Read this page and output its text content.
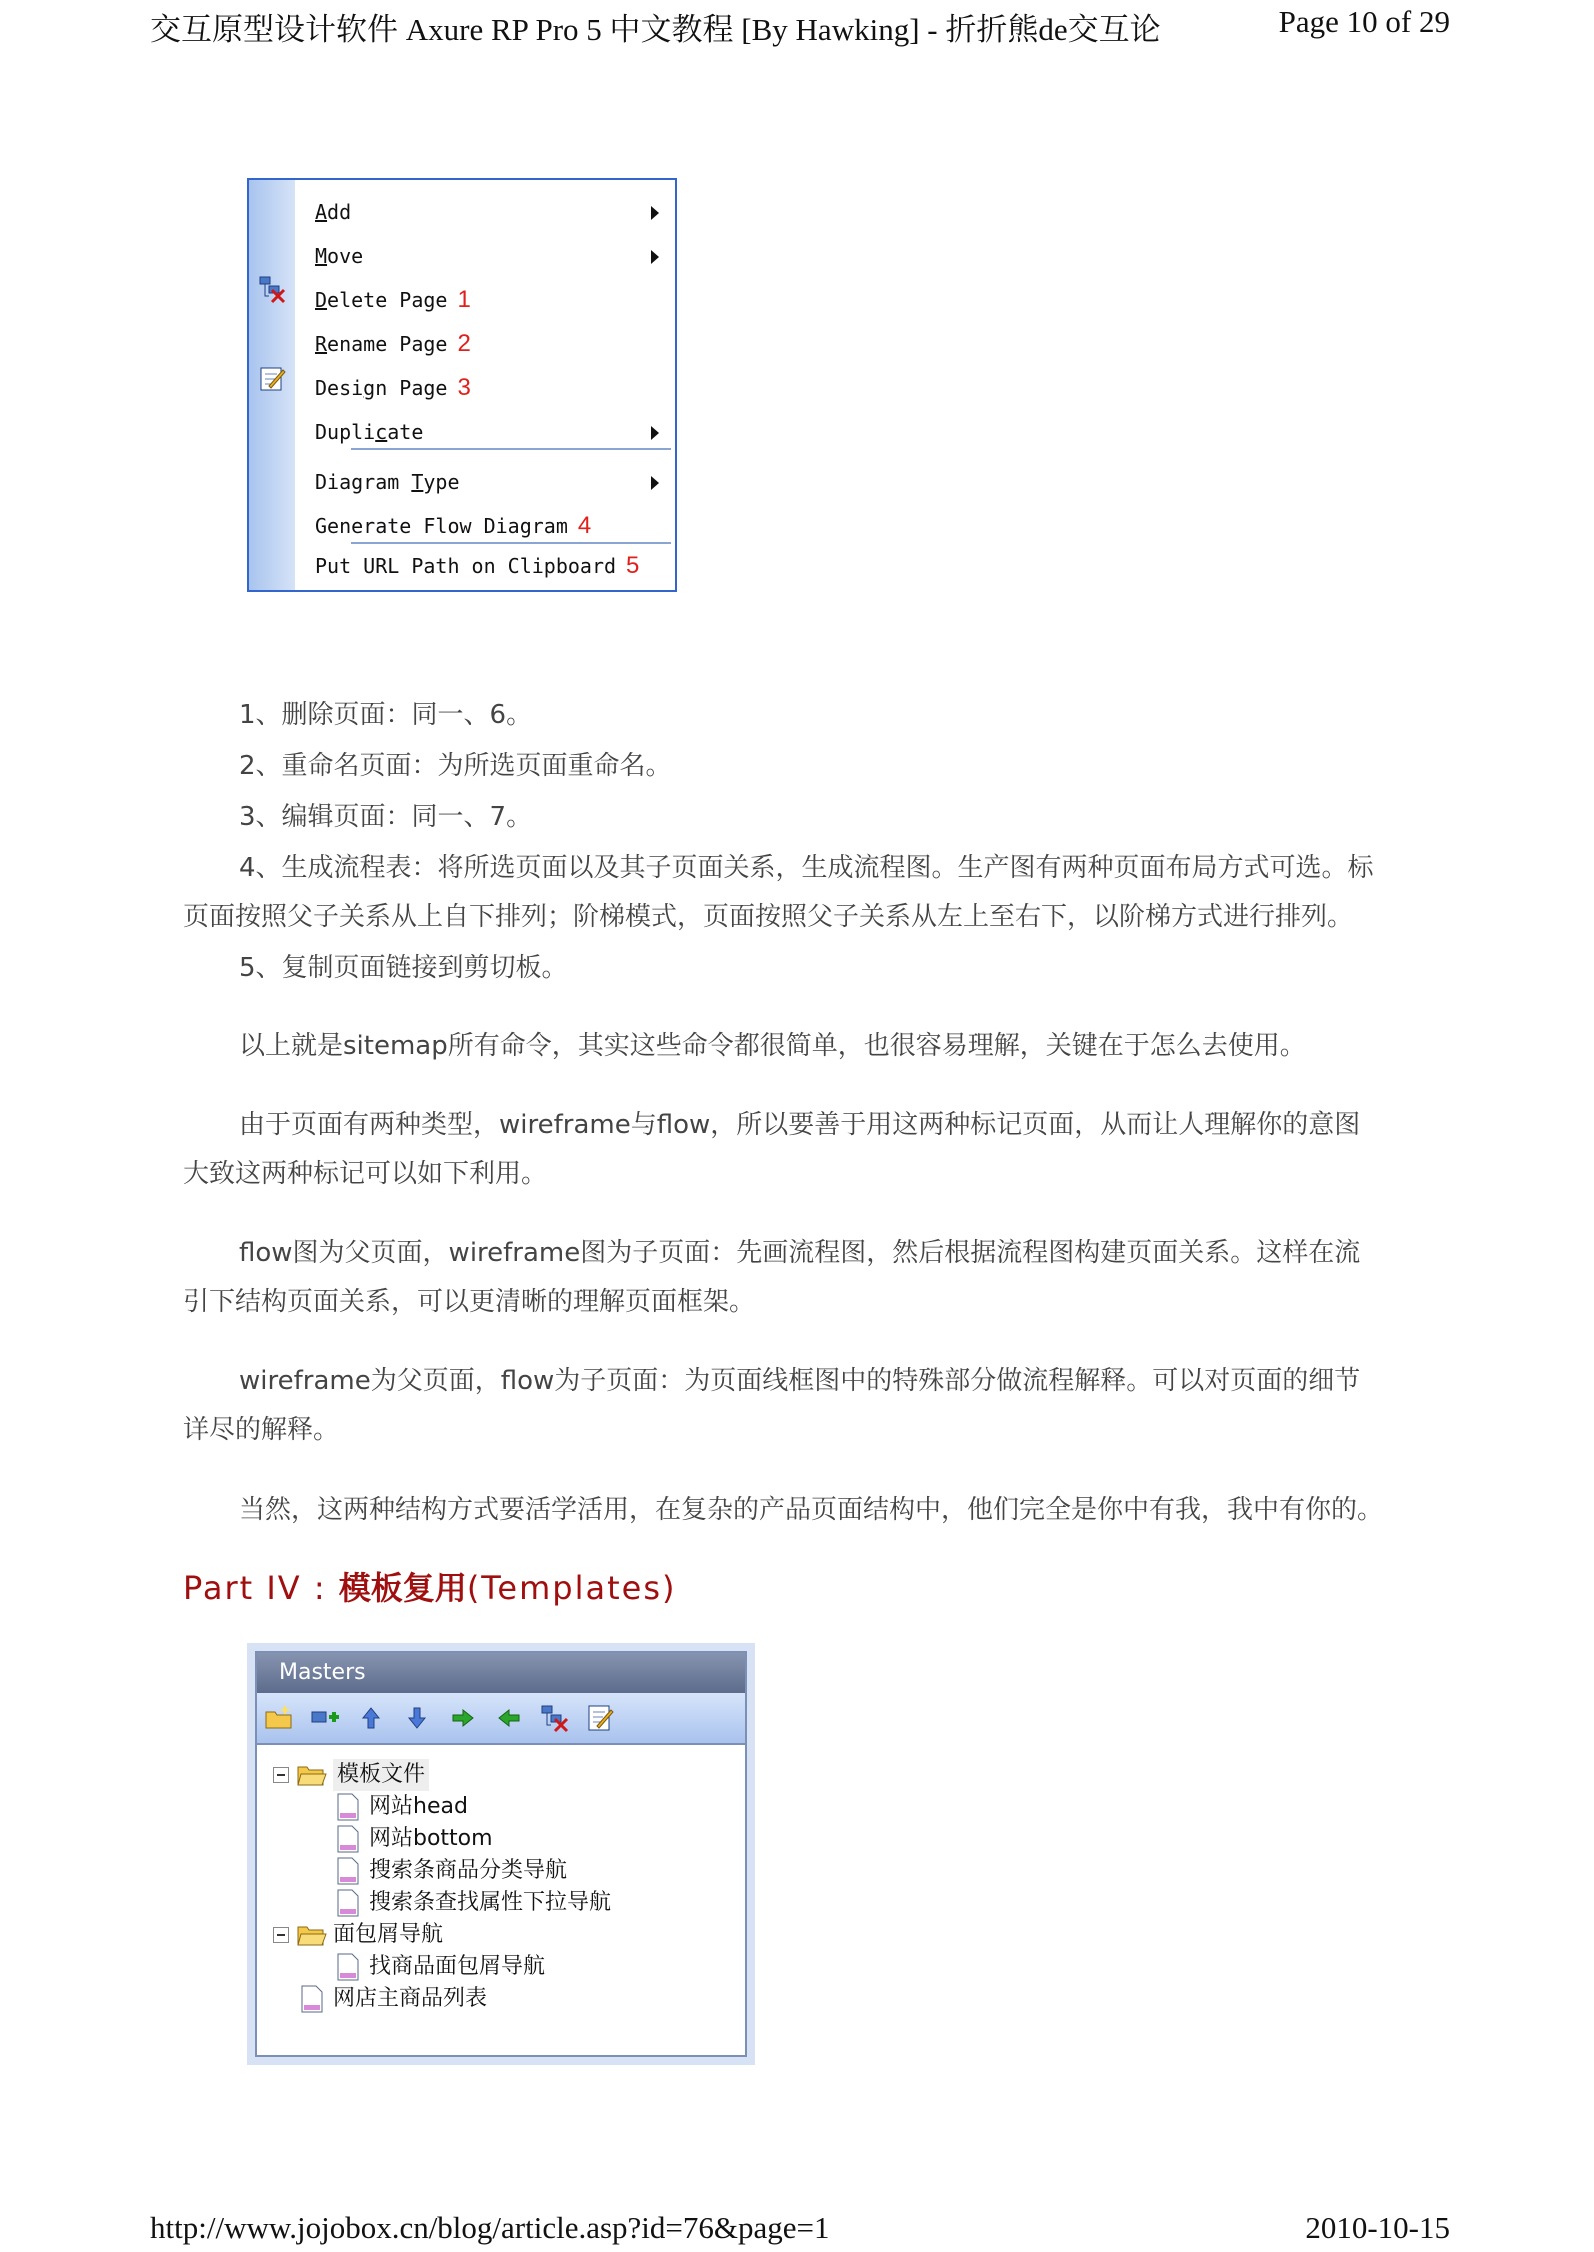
交互原型设计软件 Axure RP Pro 5 中文教程 [By Hawking] - 折折熊de交互论	Page 10 of 29
Add
Move
Delete Page 1
Rename Page 2
Design Page 3
Duplicate
Diagram Type
Generate Flow Diagram 4
Put URL Path on Clipboard 5
1、删除页面：同一、6。
2、重命名页面：为所选页面重命名。
3、编辑页面：同一、7。
4、生成流程表：将所选页面以及其子页面关系，生成流程图。生产图有两种页面布局方式可选。标
页面按照父子关系从上自下排列；阶梯模式，页面按照父子关系从左上至右下，以阶梯方式进行排列。
5、复制页面链接到剪切板。
以上就是sitemap所有命令，其实这些命令都很简单，也很容易理解，关键在于怎么去使用。
由于页面有两种类型，wireframe与flow，所以要善于用这两种标记页面，从而让人理解你的意图
大致这两种标记可以如下利用。
flow图为父页面，wireframe图为子页面：先画流程图，然后根据流程图构建页面关系。这样在流
引下结构页面关系，可以更清晰的理解页面框架。
wireframe为父页面，flow为子页面：为页面线框图中的特殊部分做流程解释。可以对页面的细节
详尽的解释。
当然，这两种结构方式要活学活用，在复杂的产品页面结构中，他们完全是你中有我，我中有你的。
Part IV : 模板复用(Templates)
Masters
模板文件
网站head
网站bottom
搜索条商品分类导航
搜索条查找属性下拉导航
面包屑导航
找商品面包屑导航
网店主商品列表
http://www.jojobox.cn/blog/article.asp?id=76&page=1	2010-10-15
